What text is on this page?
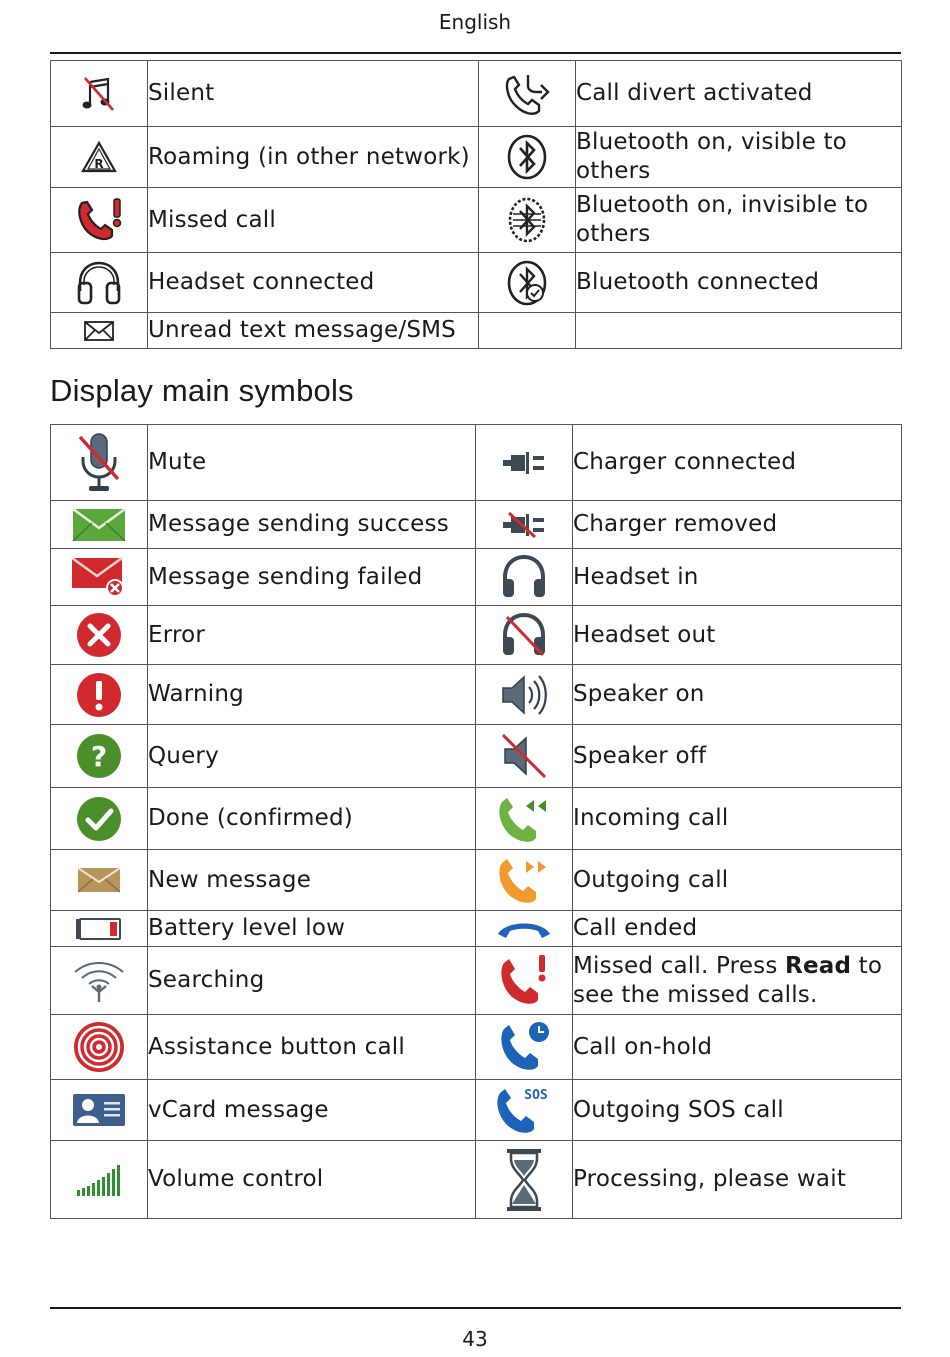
English
	Silent		Call divert activated

R	Roaming (in other network)		Bluetooth on, visible to others

	Missed call		Bluetooth on, invisible to others

	Headset connected		Bluetooth connected

	Unread text message/SMS		
Display main symbols
	Mute		Charger connected

	Message sending success		Charger removed

	Message sending failed		Headset in

	Error		Headset out

	Warning		Speaker on

?	Query		Speaker off

	Done (confirmed)		Incoming call

	New message		Outgoing call

	Battery level low		Call ended

	Searching		Missed call. Press Read to see the missed calls.

	Assistance button call		Call on-hold

	vCard message	SOS	Outgoing SOS call

	Volume control		Processing, please wait
43
